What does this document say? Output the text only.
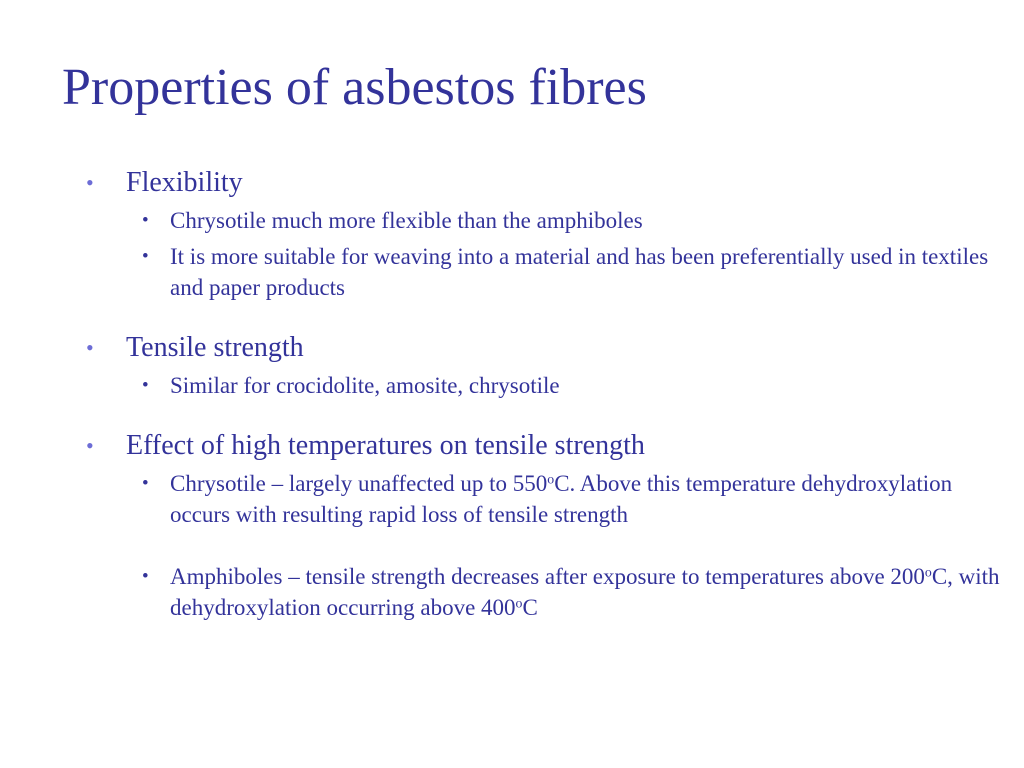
Properties of asbestos fibres

•	Flexibility

• Chrysotile much more flexible than the amphiboles

• It is more suitable for weaving into a material and has been preferentially used in textiles and paper products

•	Tensile strength

• Similar for crocidolite, amosite, chrysotile

•	Effect of high temperatures on tensile strength

• Chrysotile – largely unaffected up to 550$^o$C. Above this temperature dehydroxylation occurs with resulting rapid loss of tensile strength

• Amphiboles – tensile strength decreases after exposure to temperatures above 200$^o$C, with dehydroxylation occurring above 400$^o$C
